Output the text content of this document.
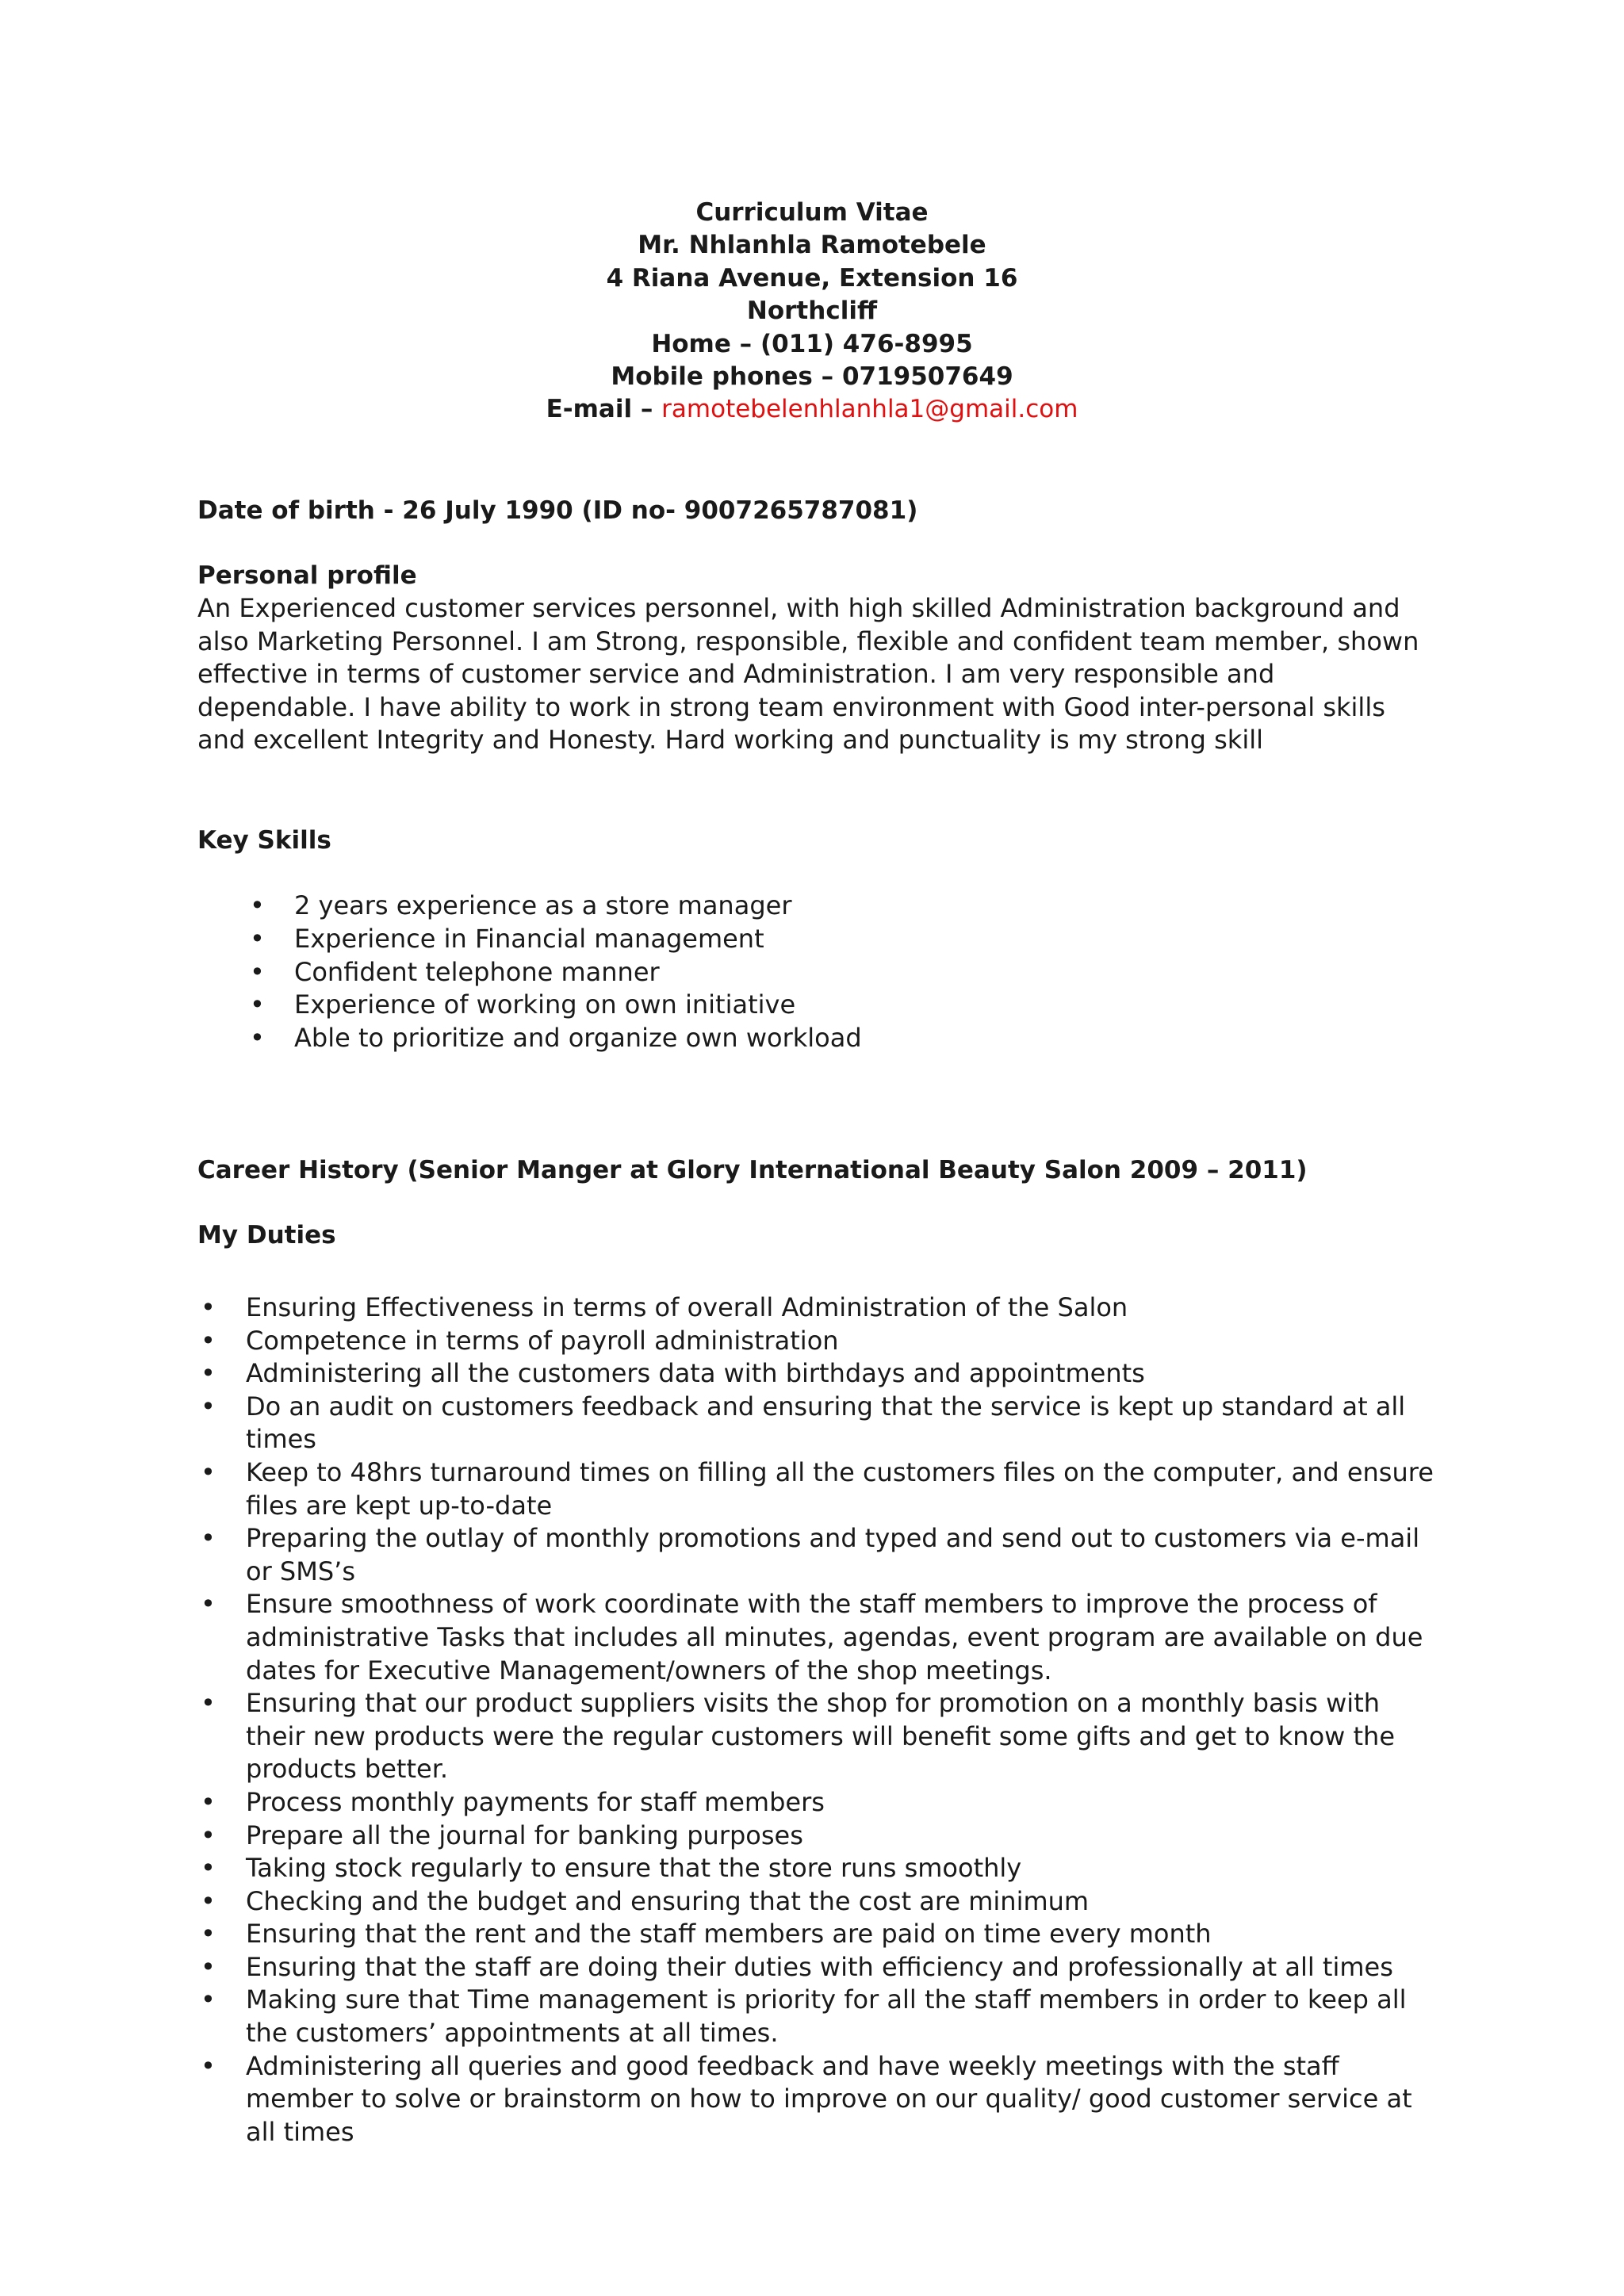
Curriculum Vitae
Mr. Nhlanhla Ramotebele
4 Riana Avenue, Extension 16
Northcliff
Home – (011) 476-8995
Mobile phones – 0719507649
E-mail – ramotebelenhlanhla1@gmail.com
Date of birth - 26 July 1990 (ID no- 9007265787081)
Personal profile
An Experienced customer services personnel, with high skilled Administration background and also Marketing Personnel. I am Strong, responsible, flexible and confident team member, shown effective in terms of customer service and Administration. I am very responsible and dependable. I have ability to work in strong team environment with Good inter-personal skills and excellent Integrity and Honesty. Hard working and punctuality is my strong skill
Key Skills
• 2 years experience as a store manager
• Experience in Financial management
• Confident telephone manner
• Experience of working on own initiative
• Able to prioritize and organize own workload
Career History (Senior Manger at Glory International Beauty Salon 2009 – 2011)
My Duties
• Ensuring Effectiveness in terms of overall Administration of the Salon
• Competence in terms of payroll administration
• Administering all the customers data with birthdays and appointments
• Do an audit on customers feedback and ensuring that the service is kept up standard at all times
• Keep to 48hrs turnaround times on filling all the customers files on the computer, and ensure files are kept up-to-date
• Preparing the outlay of monthly promotions and typed and send out to customers via e-mail or SMS’s
• Ensure smoothness of work coordinate with the staff members to improve the process of administrative Tasks that includes all minutes, agendas, event program are available on due dates for Executive Management/owners of the shop meetings.
• Ensuring that our product suppliers visits the shop for promotion on a monthly basis with their new products were the regular customers will benefit some gifts and get to know the products better.
• Process monthly payments for staff members
• Prepare all the journal for banking purposes
• Taking stock regularly to ensure that the store runs smoothly
• Checking and the budget and ensuring that the cost are minimum
• Ensuring that the rent and the staff members are paid on time every month
• Ensuring that the staff are doing their duties with efficiency and professionally at all times
• Making sure that Time management is priority for all the staff members in order to keep all the customers’ appointments at all times.
• Administering all queries and good feedback and have weekly meetings with the staff member to solve or brainstorm on how to improve on our quality/ good customer service at all times
